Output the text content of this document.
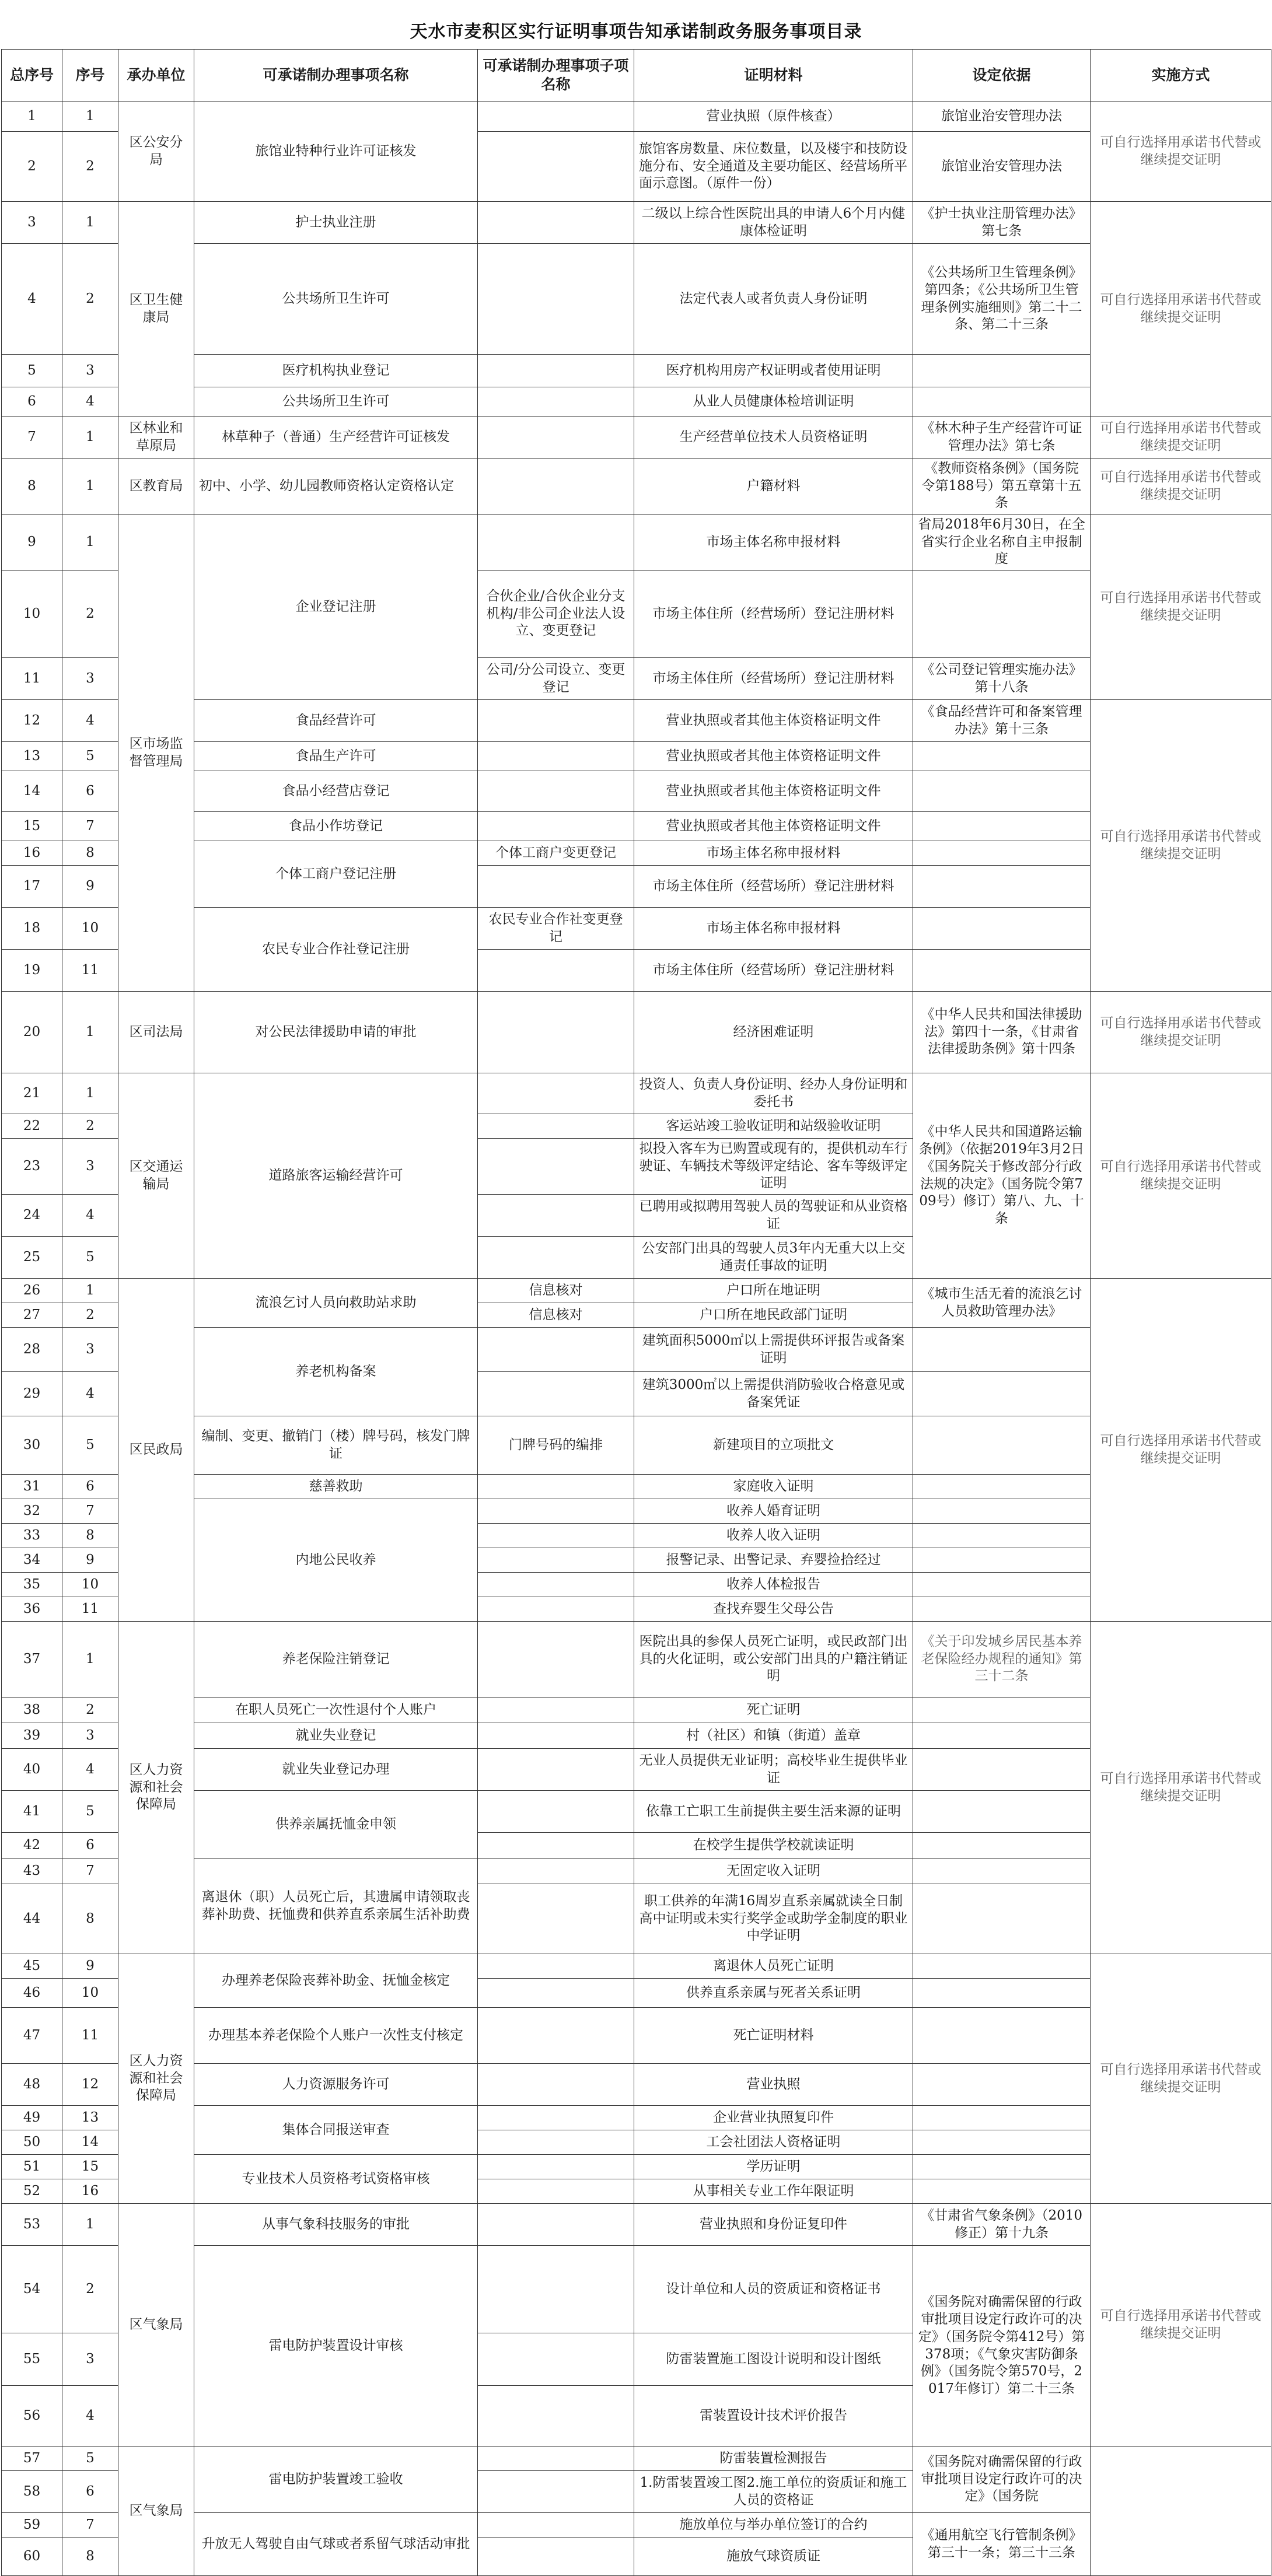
天水市麦积区实行证明事项告知承诺制政务服务事项目录
总序号	序号	承办单位	可承诺制办理事项名称	可承诺制办理事项子项名称	证明材料	设定依据	实施方式
1	1	区公安分局	旅馆业特种行业许可证核发		营业执照（原件核查）	旅馆业治安管理办法	可自行选择用承诺书代替或继续提交证明
2	2				旅馆客房数量、床位数量，以及楼宇和技防设施分布、安全通道及主要功能区、经营场所平面示意图。（原件一份）	旅馆业治安管理办法	
3	1	区卫生健康局	护士执业注册		二级以上综合性医院出具的申请人6个月内健康体检证明	《护士执业注册管理办法》第七条	可自行选择用承诺书代替或继续提交证明
4	2		公共场所卫生许可		法定代表人或者负责人身份证明	《公共场所卫生管理条例》第四条；《公共场所卫生管理条例实施细则》第二十二条、第二十三条	
5	3		医疗机构执业登记		医疗机构用房产权证明或者使用证明		
6	4		公共场所卫生许可		从业人员健康体检培训证明		
7	1	区林业和草原局	林草种子（普通）生产经营许可证核发		生产经营单位技术人员资格证明	《林木种子生产经营许可证管理办法》第七条	可自行选择用承诺书代替或继续提交证明
8	1	区教育局	初中、小学、幼儿园教师资格认定资格认定		户籍材料	《教师资格条例》（国务院令第188号）第五章第十五条	可自行选择用承诺书代替或继续提交证明
9	1	区市场监督管理局	企业登记注册		市场主体名称申报材料	省局2018年6月30日，在全省实行企业名称自主申报制度	可自行选择用承诺书代替或继续提交证明
10	2			合伙企业/合伙企业分支机构/非公司企业法人设立、变更登记	市场主体住所（经营场所）登记注册材料		
11	3			公司/分公司设立、变更登记	市场主体住所（经营场所）登记注册材料	《公司登记管理实施办法》第十八条	
12	4		食品经营许可		营业执照或者其他主体资格证明文件	《食品经营许可和备案管理办法》第十三条	可自行选择用承诺书代替或继续提交证明
13	5		食品生产许可		营业执照或者其他主体资格证明文件		
14	6		食品小经营店登记		营业执照或者其他主体资格证明文件		
15	7		食品小作坊登记		营业执照或者其他主体资格证明文件		
16	8		个体工商户登记注册	个体工商户变更登记	市场主体名称申报材料		
17	9				市场主体住所（经营场所）登记注册材料		
18	10		农民专业合作社登记注册	农民专业合作社变更登记	市场主体名称申报材料		
19	11				市场主体住所（经营场所）登记注册材料		
20	1	区司法局	对公民法律援助申请的审批		经济困难证明	《中华人民共和国法律援助法》第四十一条，《甘肃省法律援助条例》第十四条	可自行选择用承诺书代替或继续提交证明
21	1	区交通运输局	道路旅客运输经营许可		投资人、负责人身份证明、经办人身份证明和委托书	《中华人民共和国道路运输条例》（依据2019年3月2日《国务院关于修改部分行政法规的决定》（国务院令第709号）修订）第八、九、十条	可自行选择用承诺书代替或继续提交证明
22	2				客运站竣工验收证明和站级验收证明		
23	3				拟投入客车为已购置或现有的，提供机动车行驶证、车辆技术等级评定结论、客车等级评定证明		
24	4				已聘用或拟聘用驾驶人员的驾驶证和从业资格证		
25	5				公安部门出具的驾驶人员3年内无重大以上交通责任事故的证明		
26	1	区民政局	流浪乞讨人员向救助站求助	信息核对	户口所在地证明	《城市生活无着的流浪乞讨人员救助管理办法》	可自行选择用承诺书代替或继续提交证明
27	2			信息核对	户口所在地民政部门证明		
28	3		养老机构备案		建筑面积5000㎡以上需提供环评报告或备案证明		
29	4				建筑3000㎡以上需提供消防验收合格意见或备案凭证		
30	5		编制、变更、撤销门（楼）牌号码，核发门牌证	门牌号码的编排	新建项目的立项批文		
31	6		慈善救助		家庭收入证明		
32	7		内地公民收养		收养人婚育证明		
33	8				收养人收入证明		
34	9				报警记录、出警记录、弃婴捡拾经过		
35	10				收养人体检报告		
36	11				查找弃婴生父母公告		
37	1	区人力资源和社会保障局	养老保险注销登记		医院出具的参保人员死亡证明，或民政部门出具的火化证明，或公安部门出具的户籍注销证明	《关于印发城乡居民基本养老保险经办规程的通知》第三十二条	可自行选择用承诺书代替或继续提交证明
38	2		在职人员死亡一次性退付个人账户		死亡证明		
39	3		就业失业登记		村（社区）和镇（街道）盖章		
40	4		就业失业登记办理		无业人员提供无业证明；高校毕业生提供毕业证		
41	5		供养亲属抚恤金申领		依靠工亡职工生前提供主要生活来源的证明		
42	6				在校学生提供学校就读证明		
43	7		离退休（职）人员死亡后，其遗属申请领取丧葬补助费、抚恤费和供养直系亲属生活补助费		无固定收入证明		
44	8				职工供养的年满16周岁直系亲属就读全日制高中证明或未实行奖学金或助学金制度的职业中学证明		
45	9	区人力资源和社会保障局	办理养老保险丧葬补助金、抚恤金核定		离退休人员死亡证明		可自行选择用承诺书代替或继续提交证明
46	10				供养直系亲属与死者关系证明		
47	11		办理基本养老保险个人账户一次性支付核定		死亡证明材料		
48	12		人力资源服务许可		营业执照		
49	13		集体合同报送审查		企业营业执照复印件		
50	14				工会社团法人资格证明		
51	15		专业技术人员资格考试资格审核		学历证明		
52	16				从事相关专业工作年限证明		
53	1	区气象局	从事气象科技服务的审批		营业执照和身份证复印件	《甘肃省气象条例》（2010修正）第十九条	可自行选择用承诺书代替或继续提交证明
54	2		雷电防护装置设计审核		设计单位和人员的资质证和资格证书	《国务院对确需保留的行政审批项目设定行政许可的决定》（国务院令第412号）第378项；《气象灾害防御条例》（国务院令第570号，2017年修订）第二十三条	
55	3				防雷装置施工图设计说明和设计图纸		
56	4				雷装置设计技术评价报告		
57	5	区气象局	雷电防护装置竣工验收		防雷装置检测报告	《国务院对确需保留的行政审批项目设定行政许可的决定》（国务院	
58	6				1.防雷装置竣工图2.施工单位的资质证和施工人员的资格证		
59	7		升放无人驾驶自由气球或者系留气球活动审批		施放单位与举办单位签订的合约	《通用航空飞行管制条例》第三十一条；第三十三条	
60	8				施放气球资质证		
